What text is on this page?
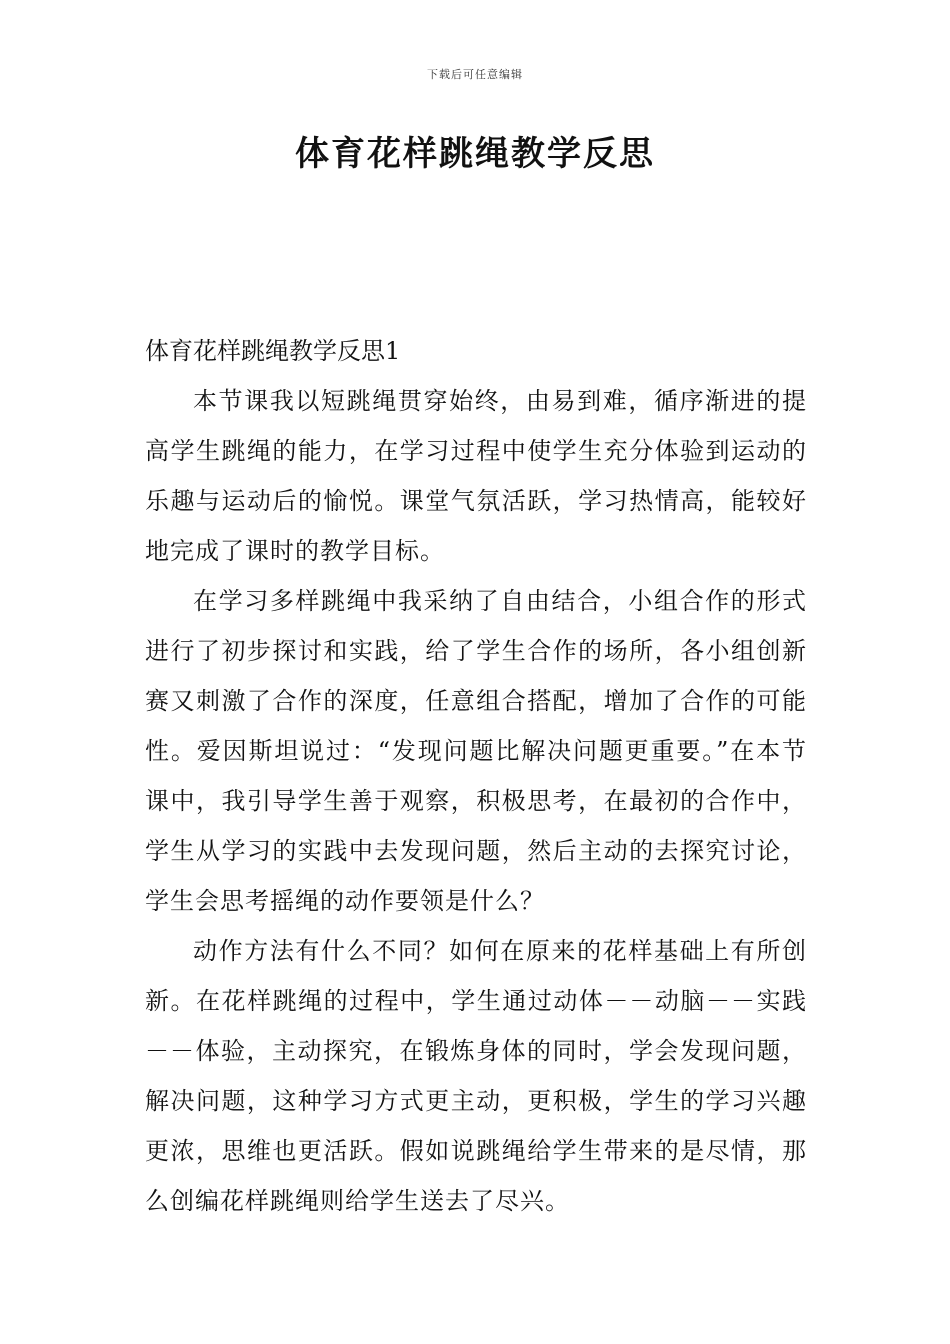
下载后可任意编辑
体育花样跳绳教学反思
体育花样跳绳教学反思1

本节课我以短跳绳贯穿始终，由易到难，循序渐进的提高学生跳绳的能力，在学习过程中使学生充分体验到运动的乐趣与运动后的愉悦。课堂气氛活跃，学习热情高，能较好地完成了课时的教学目标。

在学习多样跳绳中我采纳了自由结合，小组合作的形式进行了初步探讨和实践，给了学生合作的场所，各小组创新赛又刺激了合作的深度，任意组合搭配，增加了合作的可能性。爱因斯坦说过：“发现问题比解决问题更重要。”在本节课中，我引导学生善于观察，积极思考，在最初的合作中，学生从学习的实践中去发现问题，然后主动的去探究讨论，学生会思考摇绳的动作要领是什么？

动作方法有什么不同？如何在原来的花样基础上有所创新。在花样跳绳的过程中，学生通过动体－－动脑－－实践－－体验，主动探究，在锻炼身体的同时，学会发现问题，解决问题，这种学习方式更主动，更积极，学生的学习兴趣更浓，思维也更活跃。假如说跳绳给学生带来的是尽情，那么创编花样跳绳则给学生送去了尽兴。
